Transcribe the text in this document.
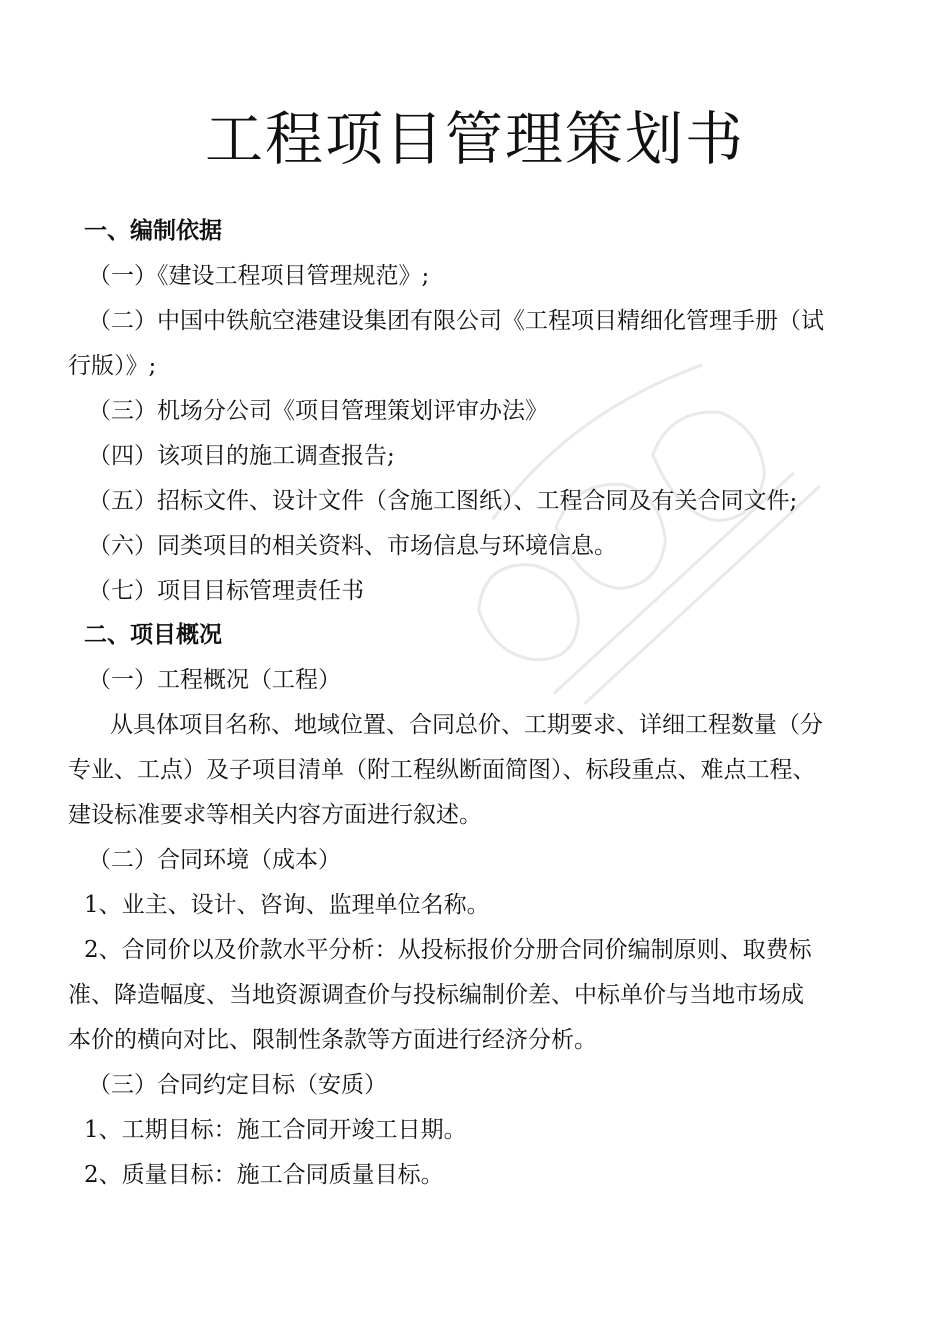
工程项目管理策划书
一、编制依据
（一）《建设工程项目管理规范》;
（二）中国中铁航空港建设集团有限公司《工程项目精细化管理手册（试
行版）》;
（三）机场分公司《项目管理策划评审办法》
（四）该项目的施工调查报告;
（五）招标文件、设计文件（含施工图纸）、工程合同及有关合同文件;
（六）同类项目的相关资料、市场信息与环境信息。
（七）项目目标管理责任书
二、项目概况
（一）工程概况（工程）
从具体项目名称、地域位置、合同总价、工期要求、详细工程数量（分
专业、工点）及子项目清单（附工程纵断面简图）、标段重点、难点工程、
建设标准要求等相关内容方面进行叙述。
（二）合同环境（成本）
1、业主、设计、咨询、监理单位名称。
2、合同价以及价款水平分析：从投标报价分册合同价编制原则、取费标
准、降造幅度、当地资源调查价与投标编制价差、中标单价与当地市场成
本价的横向对比、限制性条款等方面进行经济分析。
（三）合同约定目标（安质）
1、工期目标：施工合同开竣工日期。
2、质量目标：施工合同质量目标。
